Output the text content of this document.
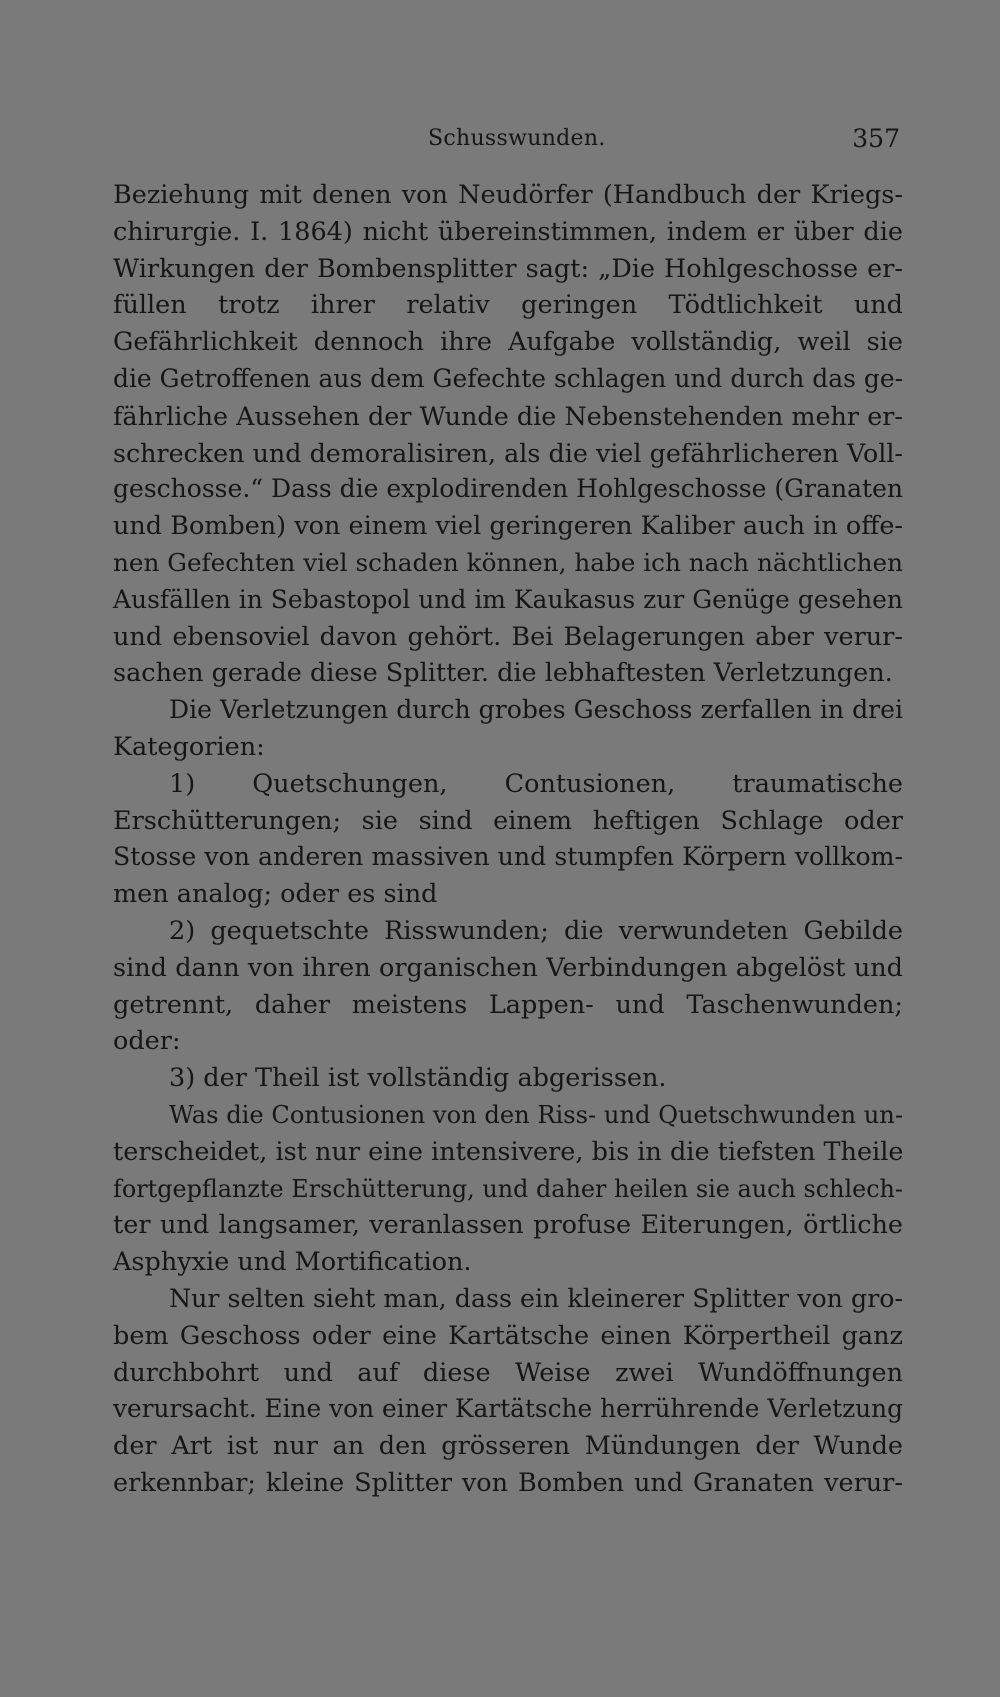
Schusswunden.	357
Beziehung mit denen von Neudörfer (Handbuch der Kriegs-
chirurgie. I. 1864) nicht übereinstimmen, indem er über die
Wirkungen der Bombensplitter sagt: „Die Hohlgeschosse er-
füllen trotz ihrer relativ geringen Tödtlichkeit und
Gefährlichkeit dennoch ihre Aufgabe vollständig, weil sie
die Getroffenen aus dem Gefechte schlagen und durch das ge-
fährliche Aussehen der Wunde die Nebenstehenden mehr er-
schrecken und demoralisiren, als die viel gefährlicheren Voll-
geschosse.“ Dass die explodirenden Hohlgeschosse (Granaten
und Bomben) von einem viel geringeren Kaliber auch in offe-
nen Gefechten viel schaden können, habe ich nach nächtlichen
Ausfällen in Sebastopol und im Kaukasus zur Genüge gesehen
und ebensoviel davon gehört. Bei Belagerungen aber verur-
sachen gerade diese Splitter. die lebhaftesten Verletzungen.
Die Verletzungen durch grobes Geschoss zerfallen in drei
Kategorien:
1) Quetschungen, Contusionen, traumatische
Erschütterungen; sie sind einem heftigen Schlage oder
Stosse von anderen massiven und stumpfen Körpern vollkom-
men analog; oder es sind
2) gequetschte Risswunden; die verwundeten Gebilde
sind dann von ihren organischen Verbindungen abgelöst und
getrennt, daher meistens Lappen- und Taschenwunden;
oder:
3) der Theil ist vollständig abgerissen.
Was die Contusionen von den Riss- und Quetschwunden un-
terscheidet, ist nur eine intensivere, bis in die tiefsten Theile
fortgepflanzte Erschütterung, und daher heilen sie auch schlech-
ter und langsamer, veranlassen profuse Eiterungen, örtliche
Asphyxie und Mortification.
Nur selten sieht man, dass ein kleinerer Splitter von gro-
bem Geschoss oder eine Kartätsche einen Körpertheil ganz
durchbohrt und auf diese Weise zwei Wundöffnungen
verursacht. Eine von einer Kartätsche herrührende Verletzung
der Art ist nur an den grösseren Mündungen der Wunde
erkennbar; kleine Splitter von Bomben und Granaten verur-
